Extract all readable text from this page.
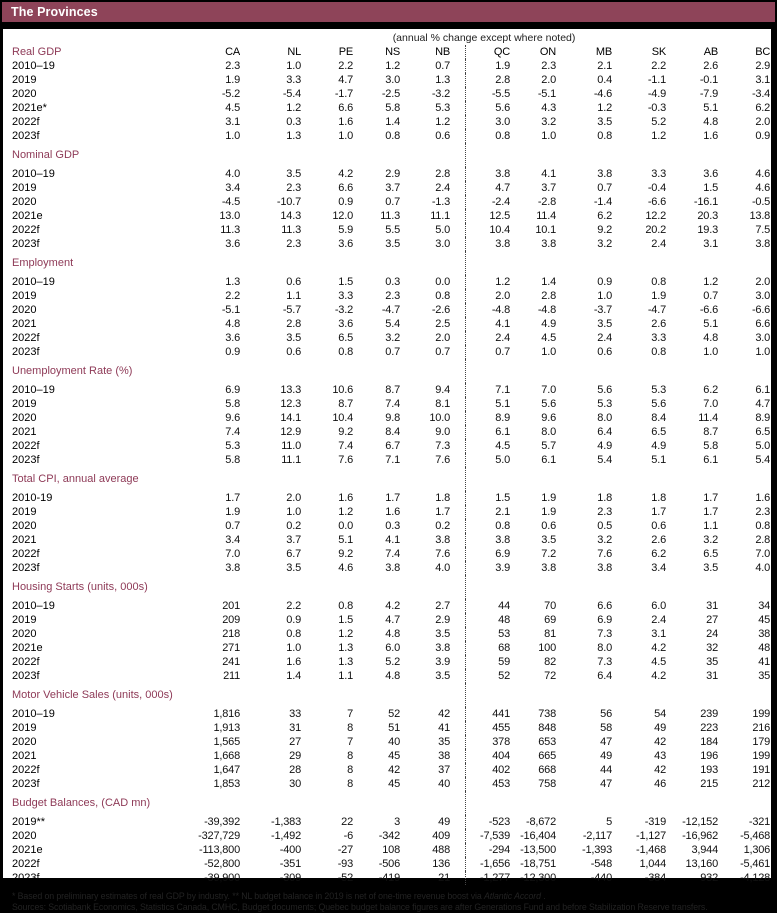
The Provinces
	(annual % change except where noted)											
Real GDP	CA	NL	PE	NS	NB		QC	ON	MB	SK	AB	BC
2010–19	2.3	1.0	2.2	1.2	0.7		1.9	2.3	2.1	2.2	2.6	2.9
2019	1.9	3.3	4.7	3.0	1.3		2.8	2.0	0.4	-1.1	-0.1	3.1
2020	-5.2	-5.4	-1.7	-2.5	-3.2		-5.5	-5.1	-4.6	-4.9	-7.9	-3.4
2021e*	4.5	1.2	6.6	5.8	5.3		5.6	4.3	1.2	-0.3	5.1	6.2
2022f	3.1	0.3	1.6	1.4	1.2		3.0	3.2	3.5	5.2	4.8	2.0
2023f	1.0	1.3	1.0	0.8	0.6		0.8	1.0	0.8	1.2	1.6	0.9
Nominal GDP												
2010–19	4.0	3.5	4.2	2.9	2.8		3.8	4.1	3.8	3.3	3.6	4.6
2019	3.4	2.3	6.6	3.7	2.4		4.7	3.7	0.7	-0.4	1.5	4.6
2020	-4.5	-10.7	0.9	0.7	-1.3		-2.4	-2.8	-1.4	-6.6	-16.1	-0.5
2021e	13.0	14.3	12.0	11.3	11.1		12.5	11.4	6.2	12.2	20.3	13.8
2022f	11.3	11.3	5.9	5.5	5.0		10.4	10.1	9.2	20.2	19.3	7.5
2023f	3.6	2.3	3.6	3.5	3.0		3.8	3.8	3.2	2.4	3.1	3.8
Employment												
2010–19	1.3	0.6	1.5	0.3	0.0		1.2	1.4	0.9	0.8	1.2	2.0
2019	2.2	1.1	3.3	2.3	0.8		2.0	2.8	1.0	1.9	0.7	3.0
2020	-5.1	-5.7	-3.2	-4.7	-2.6		-4.8	-4.8	-3.7	-4.7	-6.6	-6.6
2021	4.8	2.8	3.6	5.4	2.5		4.1	4.9	3.5	2.6	5.1	6.6
2022f	3.6	3.5	6.5	3.2	2.0		2.4	4.5	2.4	3.3	4.8	3.0
2023f	0.9	0.6	0.8	0.7	0.7		0.7	1.0	0.6	0.8	1.0	1.0
Unemployment Rate (%)												
2010–19	6.9	13.3	10.6	8.7	9.4		7.1	7.0	5.6	5.3	6.2	6.1
2019	5.8	12.3	8.7	7.4	8.1		5.1	5.6	5.3	5.6	7.0	4.7
2020	9.6	14.1	10.4	9.8	10.0		8.9	9.6	8.0	8.4	11.4	8.9
2021	7.4	12.9	9.2	8.4	9.0		6.1	8.0	6.4	6.5	8.7	6.5
2022f	5.3	11.0	7.4	6.7	7.3		4.5	5.7	4.9	4.9	5.8	5.0
2023f	5.8	11.1	7.6	7.1	7.6		5.0	6.1	5.4	5.1	6.1	5.4
Total CPI, annual average												
2010-19	1.7	2.0	1.6	1.7	1.8		1.5	1.9	1.8	1.8	1.7	1.6
2019	1.9	1.0	1.2	1.6	1.7		2.1	1.9	2.3	1.7	1.7	2.3
2020	0.7	0.2	0.0	0.3	0.2		0.8	0.6	0.5	0.6	1.1	0.8
2021	3.4	3.7	5.1	4.1	3.8		3.8	3.5	3.2	2.6	3.2	2.8
2022f	7.0	6.7	9.2	7.4	7.6		6.9	7.2	7.6	6.2	6.5	7.0
2023f	3.8	3.5	4.6	3.8	4.0		3.9	3.8	3.8	3.4	3.5	4.0
Housing Starts (units, 000s)												
2010–19	201	2.2	0.8	4.2	2.7		44	70	6.6	6.0	31	34
2019	209	0.9	1.5	4.7	2.9		48	69	6.9	2.4	27	45
2020	218	0.8	1.2	4.8	3.5		53	81	7.3	3.1	24	38
2021e	271	1.0	1.3	6.0	3.8		68	100	8.0	4.2	32	48
2022f	241	1.6	1.3	5.2	3.9		59	82	7.3	4.5	35	41
2023f	211	1.4	1.1	4.8	3.5		52	72	6.4	4.2	31	35
Motor Vehicle Sales (units, 000s)												
2010–19	1,816	33	7	52	42		441	738	56	54	239	199
2019	1,913	31	8	51	41		455	848	58	49	223	216
2020	1,565	27	7	40	35		378	653	47	42	184	179
2021	1,668	29	8	45	38		404	665	49	43	196	199
2022f	1,647	28	8	42	37		402	668	44	42	193	191
2023f	1,853	30	8	45	40		453	758	47	46	215	212
Budget Balances, (CAD mn)												
2019**	-39,392	-1,383	22	3	49		-523	-8,672	5	-319	-12,152	-321
2020	-327,729	-1,492	-6	-342	409		-7,539	-16,404	-2,117	-1,127	-16,962	-5,468
2021e	-113,800	-400	-27	108	488		-294	-13,500	-1,393	-1,468	3,944	1,306
2022f	-52,800	-351	-93	-506	136		-1,656	-18,751	-548	1,044	13,160	-5,461
2023f	-39,900	-309	-52	-419	21		-1,277	-12,300	-440	-384	932	-4,128
* Based on preliminary estimates of real GDP by industry. ** NL budget balance in 2019 is net of one-time revenue boost via Atlantic Accord .
Sources: Scotiabank Economics, Statistics Canada, CMHC, Budget documents; Quebec budget balance figures are after Generations Fund and before Stabilization Reserve transfers.
